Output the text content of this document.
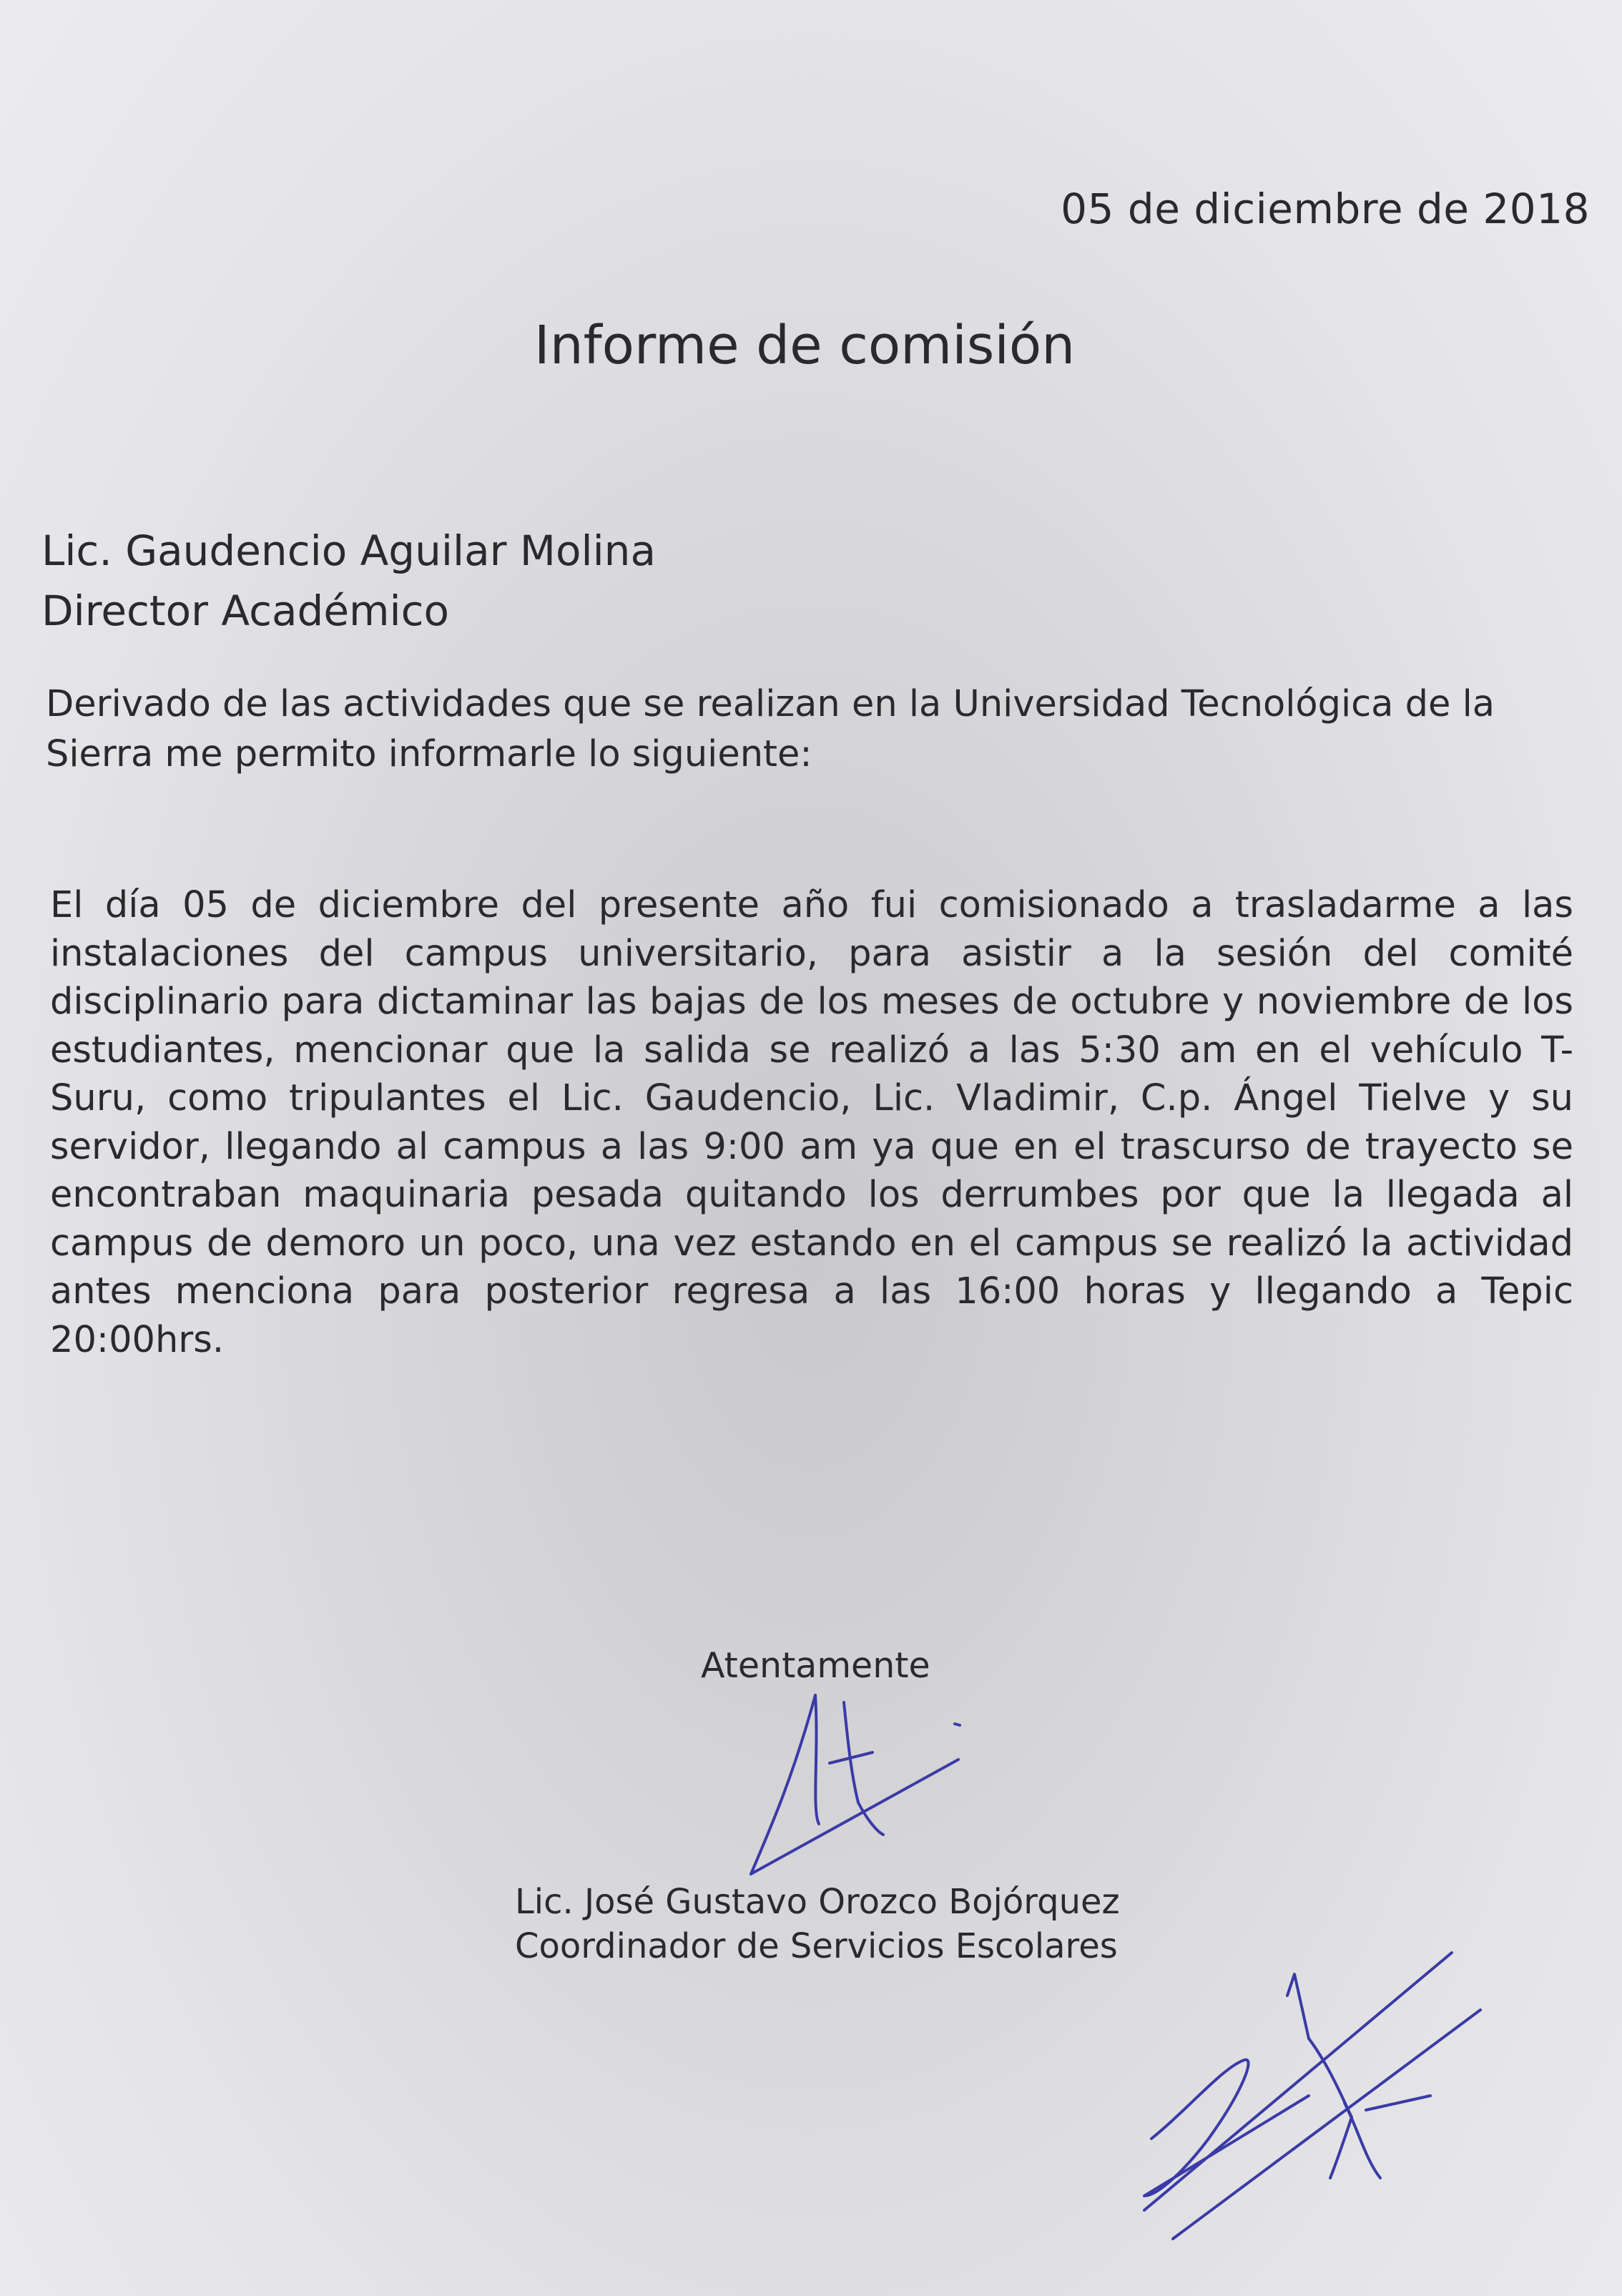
05 de diciembre de 2018
Informe de comisión
Lic. Gaudencio Aguilar Molina
Director Académico
Derivado de las actividades que se realizan en la Universidad Tecnológica de la Sierra me permito informarle lo siguiente:
El día 05 de diciembre del presente año fui comisionado a trasladarme a las instalaciones del campus universitario, para asistir a la sesión del comité disciplinario para dictaminar las bajas de los meses de octubre y noviembre de los estudiantes, mencionar que la salida se realizó a las 5:30 am en el vehículo T-Suru, como tripulantes el Lic. Gaudencio, Lic. Vladimir, C.p. Ángel Tielve y su servidor, llegando al campus a las 9:00 am ya que en el trascurso de trayecto se encontraban maquinaria pesada quitando los derrumbes por que la llegada al campus de demoro un poco, una vez estando en el campus se realizó la actividad antes menciona para posterior regresa a las 16:00 horas y llegando a Tepic 20:00hrs.
Atentamente
Lic. José Gustavo Orozco Bojórquez
Coordinador de Servicios Escolares
